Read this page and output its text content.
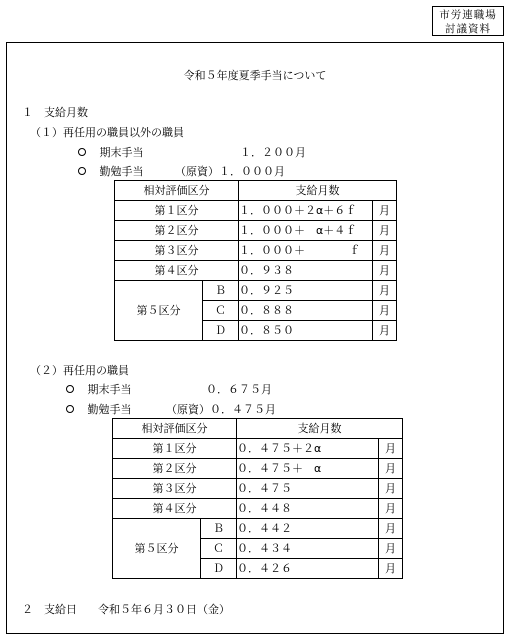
市労連職場
討議資料
令和５年度夏季手当について
１　支給月数
（１）再任用の職員以外の職員
期末手当	１．２００月
勤勉手当	（原資）１．０００月
相対評価区分		支給月数	
第１区分		１．０００＋２α＋６ｆ	月
第２区分		１．０００＋　α＋４ｆ	月
第３区分		１．０００＋　　　　ｆ	月
第４区分		０．９３８	月
第５区分	Ｂ	０．９２５	月
	Ｃ	０．８８８	月
	Ｄ	０．８５０	月
（２）再任用の職員
期末手当	０．６７５月
勤勉手当	（原資）０．４７５月
相対評価区分		支給月数	
第１区分		０．４７５＋２α	月
第２区分		０．４７５＋　α	月
第３区分		０．４７５	月
第４区分		０．４４８	月
第５区分	Ｂ	０．４４２	月
	Ｃ	０．４３４	月
	Ｄ	０．４２６	月
２　支給日 令和５年６月３０日（金）
